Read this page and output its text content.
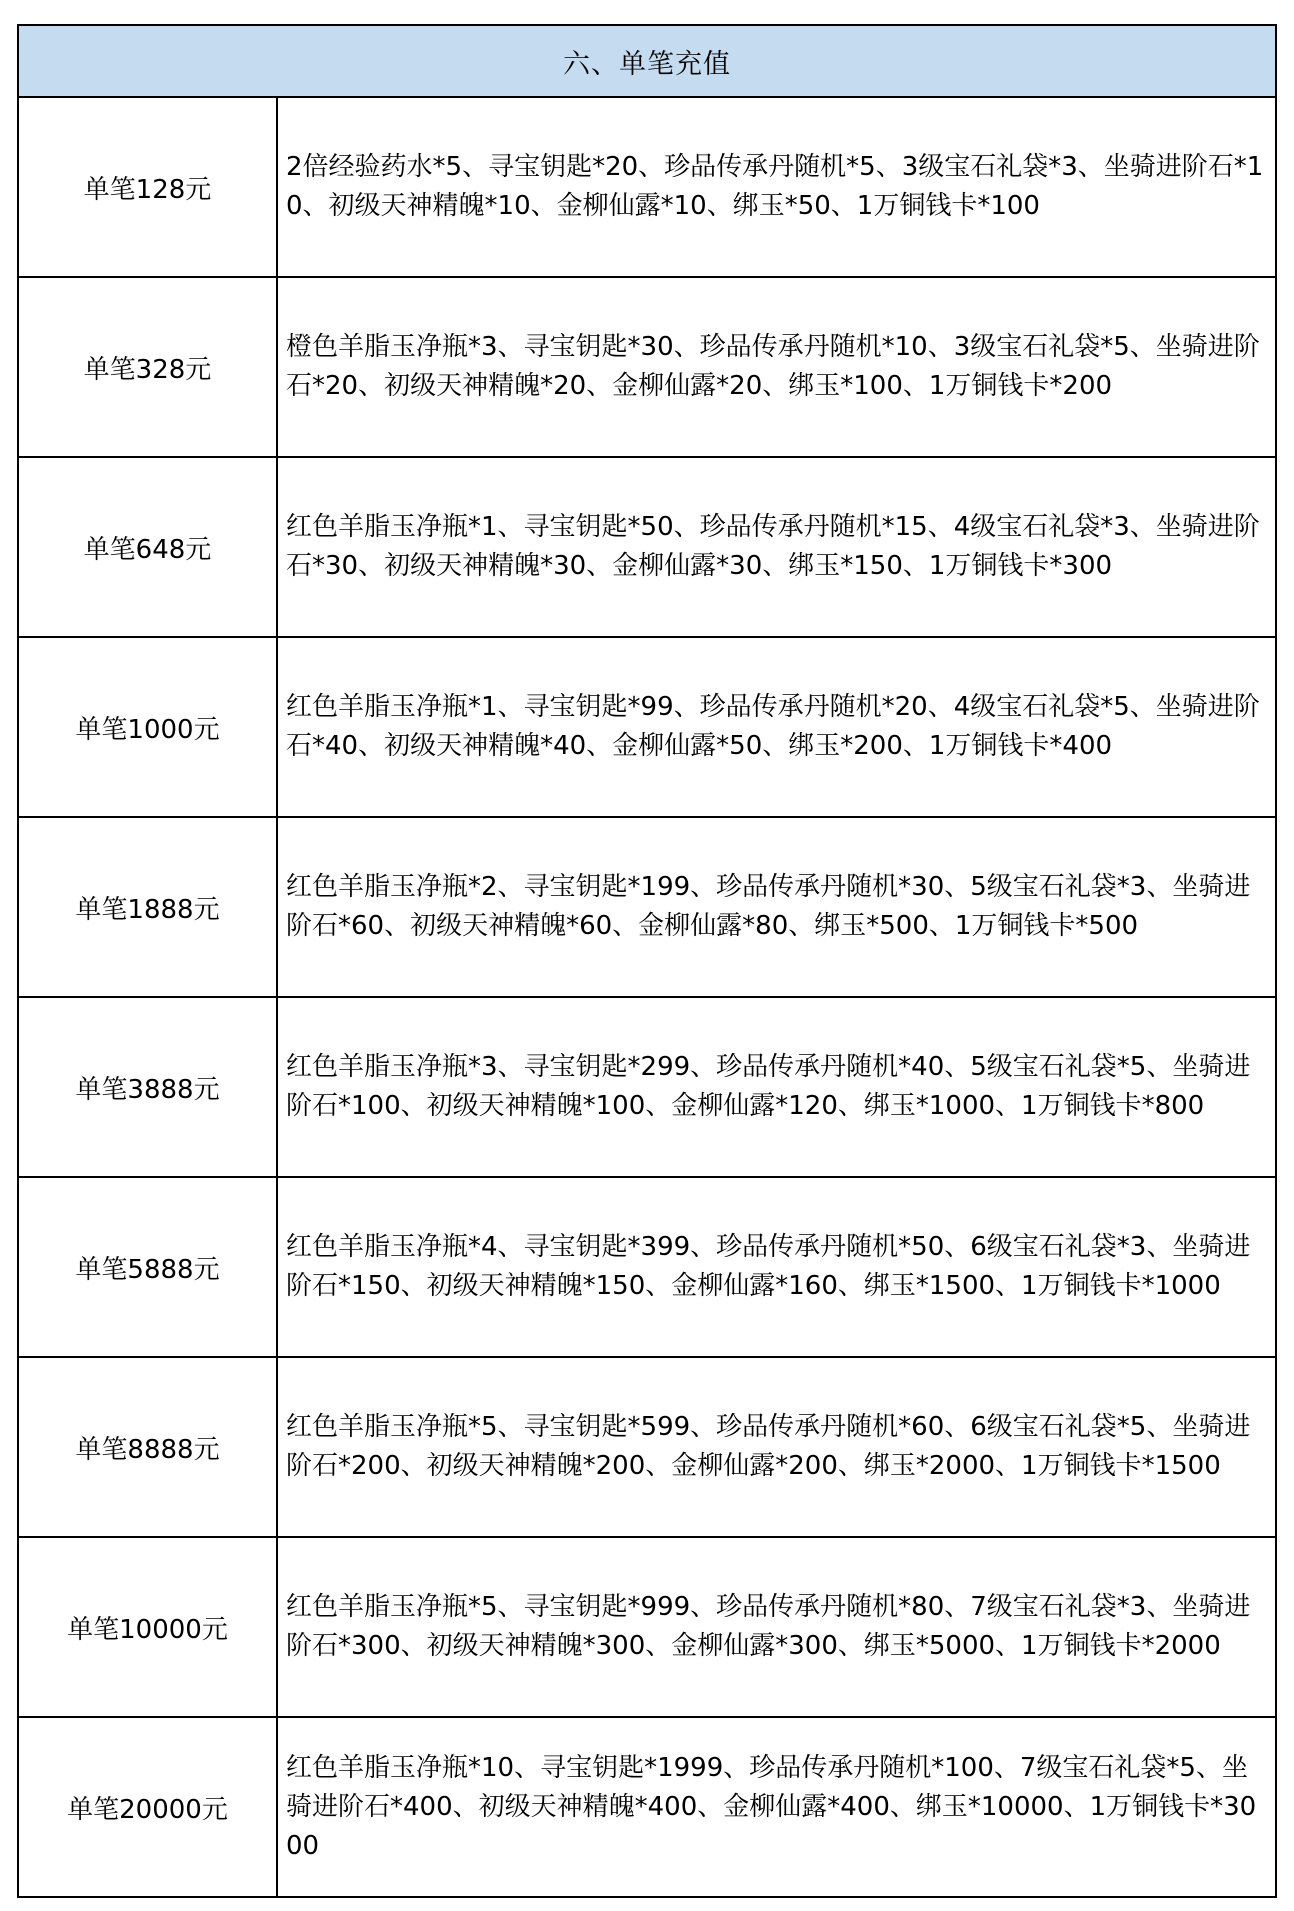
六、单笔充值
单笔128元
2倍经验药水*5、寻宝钥匙*20、珍品传承丹随机*5、3级宝石礼袋*3、坐骑进阶石*10、初级天神精魄*10、金柳仙露*10、绑玉*50、1万铜钱卡*100
单笔328元
橙色羊脂玉净瓶*3、寻宝钥匙*30、珍品传承丹随机*10、3级宝石礼袋*5、坐骑进阶石*20、初级天神精魄*20、金柳仙露*20、绑玉*100、1万铜钱卡*200
单笔648元
红色羊脂玉净瓶*1、寻宝钥匙*50、珍品传承丹随机*15、4级宝石礼袋*3、坐骑进阶石*30、初级天神精魄*30、金柳仙露*30、绑玉*150、1万铜钱卡*300
单笔1000元
红色羊脂玉净瓶*1、寻宝钥匙*99、珍品传承丹随机*20、4级宝石礼袋*5、坐骑进阶石*40、初级天神精魄*40、金柳仙露*50、绑玉*200、1万铜钱卡*400
单笔1888元
红色羊脂玉净瓶*2、寻宝钥匙*199、珍品传承丹随机*30、5级宝石礼袋*3、坐骑进阶石*60、初级天神精魄*60、金柳仙露*80、绑玉*500、1万铜钱卡*500
单笔3888元
红色羊脂玉净瓶*3、寻宝钥匙*299、珍品传承丹随机*40、5级宝石礼袋*5、坐骑进阶石*100、初级天神精魄*100、金柳仙露*120、绑玉*1000、1万铜钱卡*800
单笔5888元
红色羊脂玉净瓶*4、寻宝钥匙*399、珍品传承丹随机*50、6级宝石礼袋*3、坐骑进阶石*150、初级天神精魄*150、金柳仙露*160、绑玉*1500、1万铜钱卡*1000
单笔8888元
红色羊脂玉净瓶*5、寻宝钥匙*599、珍品传承丹随机*60、6级宝石礼袋*5、坐骑进阶石*200、初级天神精魄*200、金柳仙露*200、绑玉*2000、1万铜钱卡*1500
单笔10000元
红色羊脂玉净瓶*5、寻宝钥匙*999、珍品传承丹随机*80、7级宝石礼袋*3、坐骑进阶石*300、初级天神精魄*300、金柳仙露*300、绑玉*5000、1万铜钱卡*2000
单笔20000元
红色羊脂玉净瓶*10、寻宝钥匙*1999、珍品传承丹随机*100、7级宝石礼袋*5、坐骑进阶石*400、初级天神精魄*400、金柳仙露*400、绑玉*10000、1万铜钱卡*3000
